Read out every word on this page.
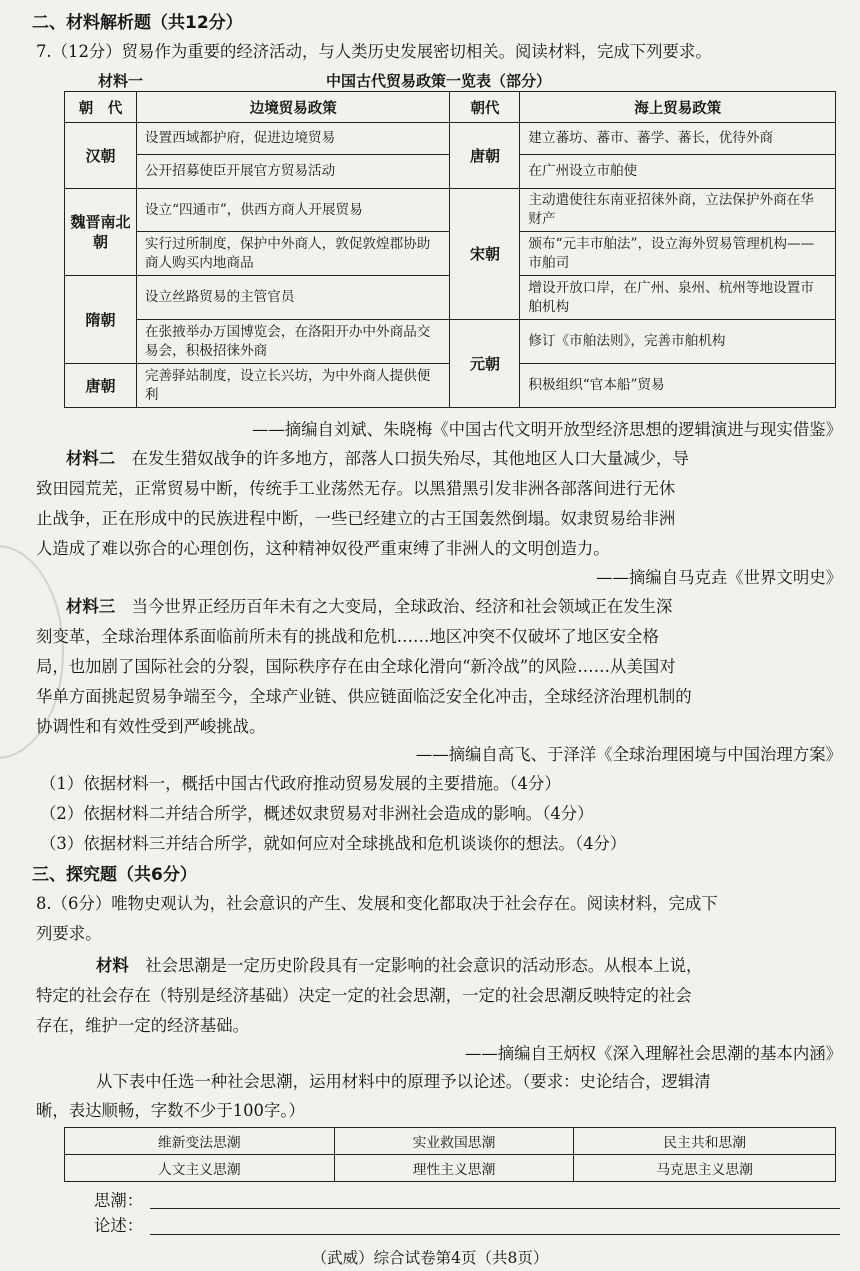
二、材料解析题（共12分）
7.（12分）贸易作为重要的经济活动，与人类历史发展密切相关。阅读材料，完成下列要求。
材料一	中国古代贸易政策一览表（部分）
朝　代	边境贸易政策	朝代	海上贸易政策
汉朝	设置西域都护府，促进边境贸易	唐朝	建立蕃坊、蕃市、蕃学、蕃长，优待外商
	公开招募使臣开展官方贸易活动		在广州设立市舶使
魏晋南北朝	设立“四通市”，供西方商人开展贸易	宋朝	主动遣使往东南亚招徕外商，立法保护外商在华财产
	实行过所制度，保护中外商人，敦促敦煌郡协助商人购买内地商品		颁布“元丰市舶法”，设立海外贸易管理机构——市舶司
隋朝	设立丝路贸易的主管官员		增设开放口岸，在广州、泉州、杭州等地设置市舶机构
	在张掖举办万国博览会，在洛阳开办中外商品交易会，积极招徕外商	元朝	修订《市舶法则》，完善市舶机构
唐朝	完善驿站制度，设立长兴坊，为中外商人提供便利		积极组织“官本船”贸易
——摘编自刘斌、朱晓梅《中国古代文明开放型经济思想的逻辑演进与现实借鉴》
材料二　 在发生猎奴战争的许多地方，部落人口损失殆尽，其他地区人口大量减少，导
致田园荒芜，正常贸易中断，传统手工业荡然无存。以黑猎黑引发非洲各部落间进行无休
止战争，正在形成中的民族进程中断，一些已经建立的古王国轰然倒塌。奴隶贸易给非洲
人造成了难以弥合的心理创伤，这种精神奴役严重束缚了非洲人的文明创造力。
——摘编自马克垚《世界文明史》
材料三　 当今世界正经历百年未有之大变局，全球政治、经济和社会领域正在发生深
刻变革，全球治理体系面临前所未有的挑战和危机……地区冲突不仅破坏了地区安全格
局，也加剧了国际社会的分裂，国际秩序存在由全球化滑向“新冷战”的风险……从美国对
华单方面挑起贸易争端至今，全球产业链、供应链面临泛安全化冲击，全球经济治理机制的
协调性和有效性受到严峻挑战。
——摘编自高飞、于泽洋《全球治理困境与中国治理方案》
（1）依据材料一，概括中国古代政府推动贸易发展的主要措施。（4分）
（2）依据材料二并结合所学，概述奴隶贸易对非洲社会造成的影响。（4分）
（3）依据材料三并结合所学，就如何应对全球挑战和危机谈谈你的想法。（4分）
三、探究题（共6分）
8.（6分）唯物史观认为，社会意识的产生、发展和变化都取决于社会存在。阅读材料，完成下
列要求。
材料　 社会思潮是一定历史阶段具有一定影响的社会意识的活动形态。从根本上说，
特定的社会存在（特别是经济基础）决定一定的社会思潮，一定的社会思潮反映特定的社会
存在，维护一定的经济基础。
——摘编自王炳权《深入理解社会思潮的基本内涵》
从下表中任选一种社会思潮，运用材料中的原理予以论述。（要求：史论结合，逻辑清
维新变法思潮	实业救国思潮	民主共和思潮
人文主义思潮	理性主义思潮	马克思主义思潮
晰，表达顺畅，字数不少于100字。）
思潮：
论述：
（武威）综合试卷第4页（共8页）
